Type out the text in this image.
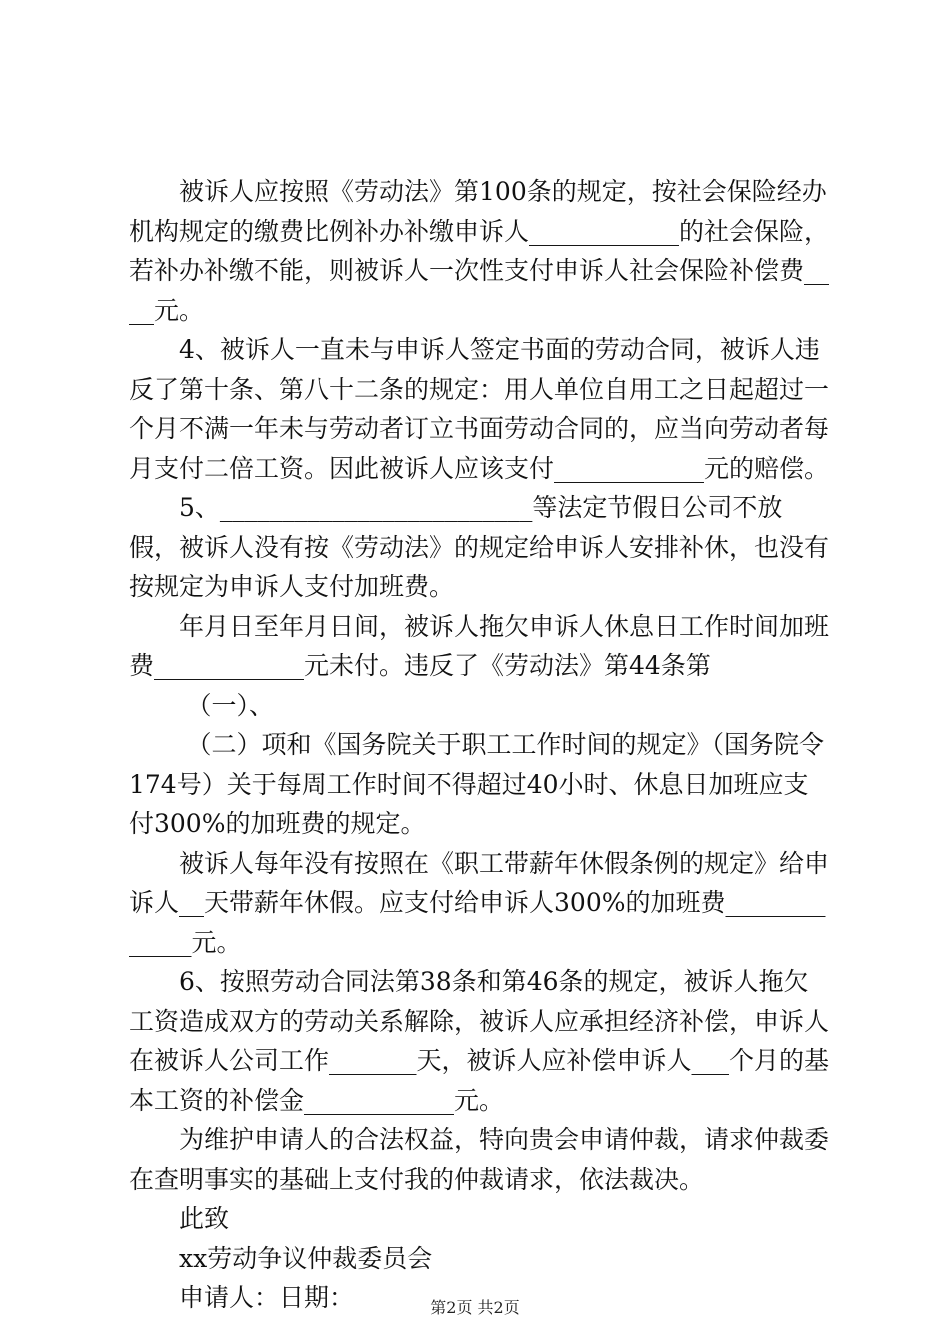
被诉人应按照《劳动法》第100条的规定，按社会保险经办机构规定的缴费比例补办补缴申诉人____________的社会保险，若补办补缴不能，则被诉人一次性支付申诉人社会保险补偿费____元。

4、被诉人一直未与申诉人签定书面的劳动合同，被诉人违反了第十条、第八十二条的规定：用人单位自用工之日起超过一个月不满一年未与劳动者订立书面劳动合同的，应当向劳动者每月支付二倍工资。因此被诉人应该支付____________元的赔偿。

5、_________________________等法定节假日公司不放假，被诉人没有按《劳动法》的规定给申诉人安排补休，也没有按规定为申诉人支付加班费。

年月日至年月日间，被诉人拖欠申诉人休息日工作时间加班费____________元未付。违反了《劳动法》第44条第

（一）、

（二）项和《国务院关于职工工作时间的规定》（国务院令174号）关于每周工作时间不得超过40小时、休息日加班应支付300%的加班费的规定。

被诉人每年没有按照在《职工带薪年休假条例的规定》给申诉人__天带薪年休假。应支付给申诉人300%的加班费_____________元。

6、按照劳动合同法第38条和第46条的规定，被诉人拖欠工资造成双方的劳动关系解除，被诉人应承担经济补偿，申诉人在被诉人公司工作_______天，被诉人应补偿申诉人___个月的基本工资的补偿金____________元。

为维护申请人的合法权益，特向贵会申请仲裁，请求仲裁委在查明事实的基础上支付我的仲裁请求，依法裁决。

此致

xx劳动争议仲裁委员会

申请人：日期：	第2页 共2页
